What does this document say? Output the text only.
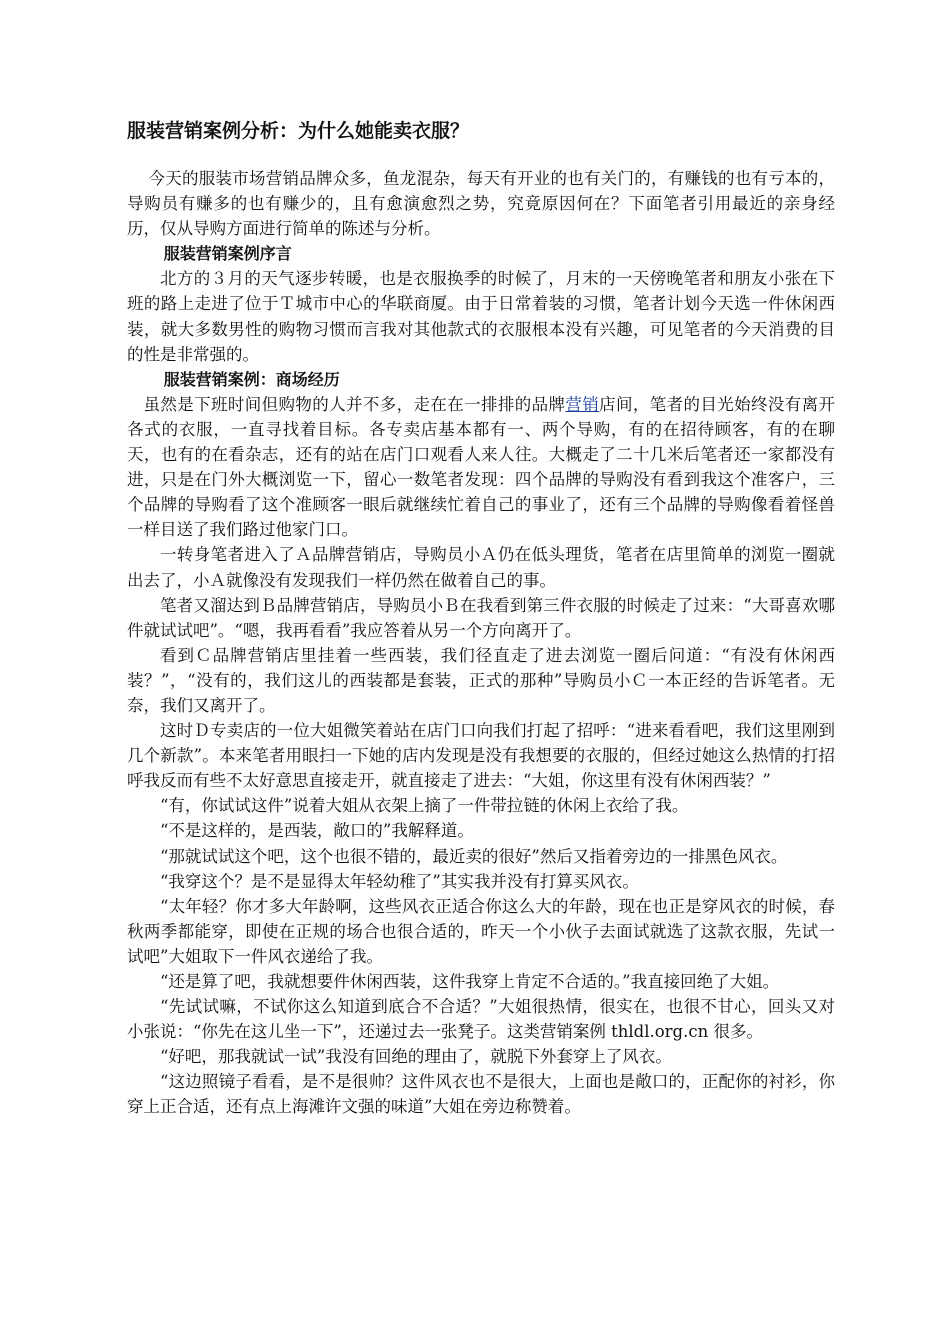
服装营销案例分析：为什么她能卖衣服？

今天的服装市场营销品牌众多，鱼龙混杂，每天有开业的也有关门的，有赚钱的也有亏本的，导购员有赚多的也有赚少的，且有愈演愈烈之势，究竟原因何在？下面笔者引用最近的亲身经历，仅从导购方面进行简单的陈述与分析。

服装营销案例序言

北方的３月的天气逐步转暖，也是衣服换季的时候了，月末的一天傍晚笔者和朋友小张在下班的路上走进了位于Ｔ城市中心的华联商厦。由于日常着装的习惯，笔者计划今天选一件休闲西装，就大多数男性的购物习惯而言我对其他款式的衣服根本没有兴趣，可见笔者的今天消费的目的性是非常强的。

服装营销案例：商场经历

虽然是下班时间但购物的人并不多，走在在一排排的品牌营销店间，笔者的目光始终没有离开各式的衣服，一直寻找着目标。各专卖店基本都有一、两个导购，有的在招待顾客，有的在聊天，也有的在看杂志，还有的站在店门口观看人来人往。大概走了二十几米后笔者还一家都没有进，只是在门外大概浏览一下，留心一数笔者发现：四个品牌的导购没有看到我这个准客户，三个品牌的导购看了这个准顾客一眼后就继续忙着自己的事业了，还有三个品牌的导购像看着怪兽一样目送了我们路过他家门口。

一转身笔者进入了Ａ品牌营销店，导购员小Ａ仍在低头理货，笔者在店里简单的浏览一圈就出去了，小Ａ就像没有发现我们一样仍然在做着自己的事。

笔者又溜达到Ｂ品牌营销店，导购员小Ｂ在我看到第三件衣服的时候走了过来：“大哥喜欢哪件就试试吧”。“嗯，我再看看”我应答着从另一个方向离开了。

看到Ｃ品牌营销店里挂着一些西装，我们径直走了进去浏览一圈后问道：“有没有休闲西装？”，“没有的，我们这儿的西装都是套装，正式的那种”导购员小Ｃ一本正经的告诉笔者。无奈，我们又离开了。

这时Ｄ专卖店的一位大姐微笑着站在店门口向我们打起了招呼：“进来看看吧，我们这里刚到几个新款”。本来笔者用眼扫一下她的店内发现是没有我想要的衣服的，但经过她这么热情的打招呼我反而有些不太好意思直接走开，就直接走了进去：“大姐，你这里有没有休闲西装？”

“有，你试试这件”说着大姐从衣架上摘了一件带拉链的休闲上衣给了我。

“不是这样的，是西装，敞口的”我解释道。

“那就试试这个吧，这个也很不错的，最近卖的很好”然后又指着旁边的一排黑色风衣。

“我穿这个？是不是显得太年轻幼稚了”其实我并没有打算买风衣。

“太年轻？你才多大年龄啊，这些风衣正适合你这么大的年龄，现在也正是穿风衣的时候，春秋两季都能穿，即使在正规的场合也很合适的，昨天一个小伙子去面试就选了这款衣服，先试一试吧”大姐取下一件风衣递给了我。

“还是算了吧，我就想要件休闲西装，这件我穿上肯定不合适的。”我直接回绝了大姐。

“先试试嘛，不试你这么知道到底合不合适？”大姐很热情，很实在，也很不甘心，回头又对小张说：“你先在这儿坐一下”，还递过去一张凳子。这类营销案例 thldl.org.cn 很多。

“好吧，那我就试一试”我没有回绝的理由了，就脱下外套穿上了风衣。

“这边照镜子看看，是不是很帅？这件风衣也不是很大，上面也是敞口的，正配你的衬衫，你穿上正合适，还有点上海滩许文强的味道”大姐在旁边称赞着。
